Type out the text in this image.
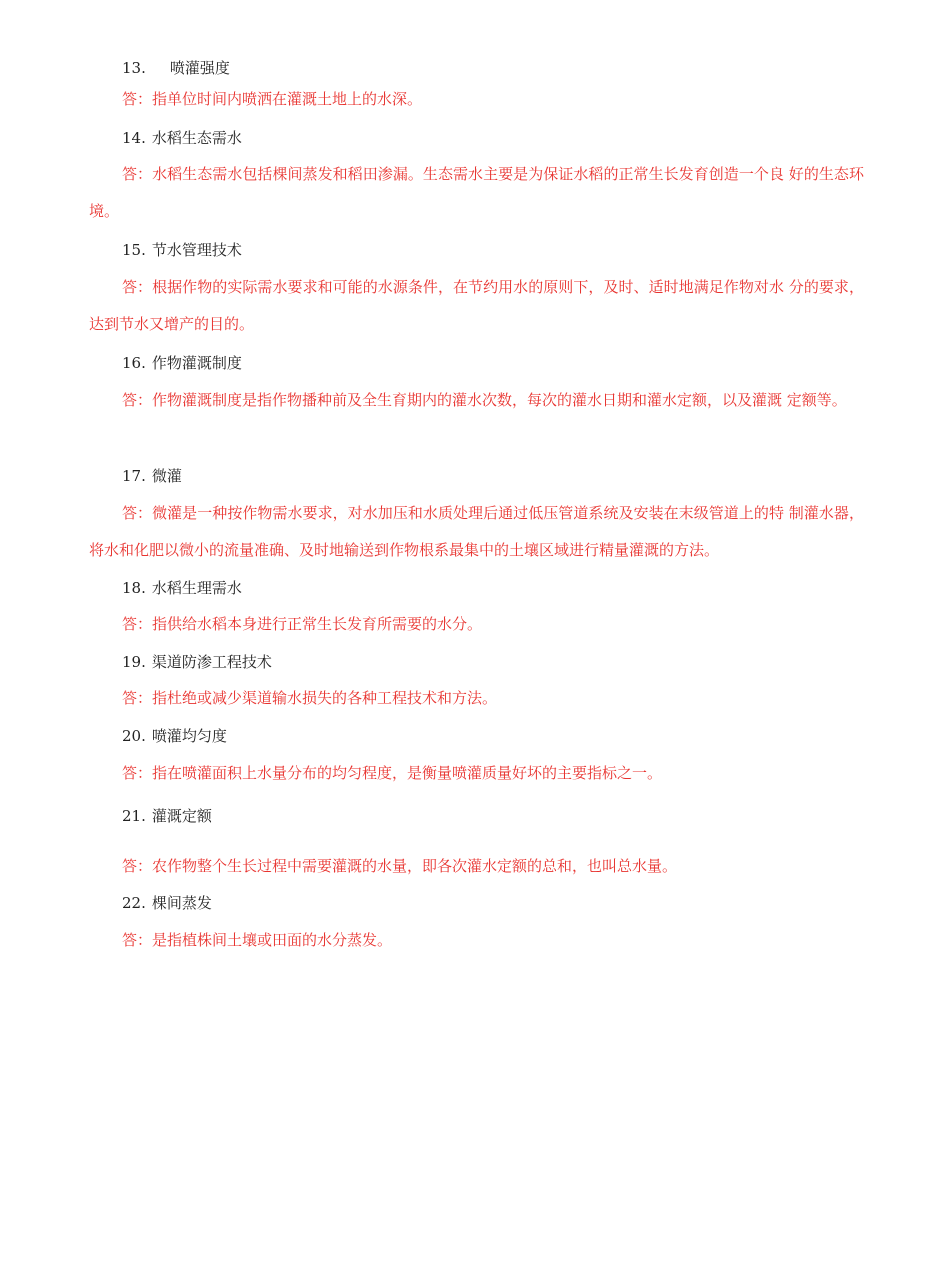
13. 喷灌强度

答：指单位时间内喷洒在灌溉土地上的水深。

14. 水稻生态需水

答：水稻生态需水包括棵间蒸发和稻田渗漏。生态需水主要是为保证水稻的正常生长发育创造一个良 好的生态环境。

15. 节水管理技术

答：根据作物的实际需水要求和可能的水源条件，在节约用水的原则下，及时、适时地满足作物对水 分的要求，达到节水又增产的目的。

16. 作物灌溉制度

答：作物灌溉制度是指作物播种前及全生育期内的灌水次数，每次的灌水日期和灌水定额，以及灌溉 定额等。

17. 微灌

答：微灌是一种按作物需水要求，对水加压和水质处理后通过低压管道系统及安装在末级管道上的特 制灌水器，将水和化肥以微小的流量准确、及时地输送到作物根系最集中的土壤区域进行精量灌溉的方法。

18. 水稻生理需水

答：指供给水稻本身进行正常生长发育所需要的水分。

19. 渠道防渗工程技术

答：指杜绝或减少渠道输水损失的各种工程技术和方法。

20. 喷灌均匀度

答：指在喷灌面积上水量分布的均匀程度，是衡量喷灌质量好坏的主要指标之一。

21. 灌溉定额

答：农作物整个生长过程中需要灌溉的水量，即各次灌水定额的总和，也叫总水量。

22. 棵间蒸发

答：是指植株间土壤或田面的水分蒸发。
